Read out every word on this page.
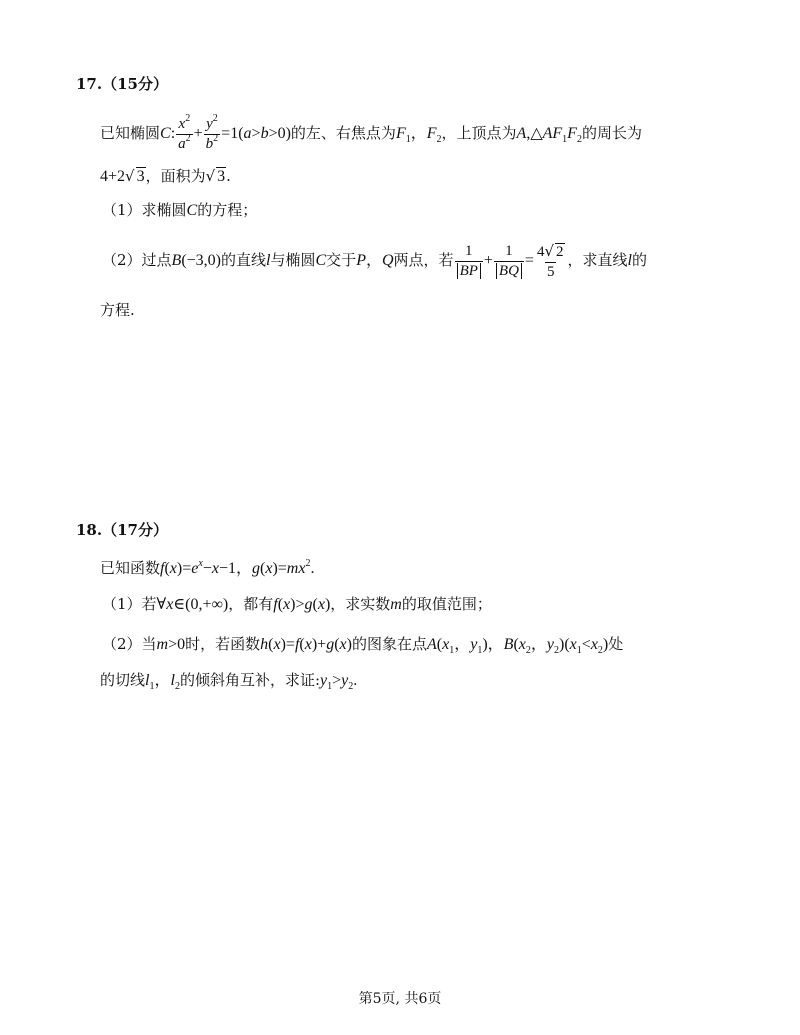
17.（15分）
已知椭圆C: $\frac{x^2}{a^2} + \frac{y^2}{b^2} =1(a>b>0)$的左、右焦点为$F_1$，$F_2$，上顶点为$A,\triangle AF_1F_2$的周长为
4+2√ 3，面积为√ 3.
（1）求椭圆C的方程；
（2）过点B(−3,0)的直线l与椭圆C交于P，Q两点，若 $\frac{1}{BP} + \frac{1}{BQ} = \frac{4√ 2}{5}$ ，求直线l的
方程.
18.（17分）
已知函数$f(x)=e^x-x-1$，$g(x)=mx^2$.
（1）若∀x∈(0,+∞)，都有f(x)>g(x)，求实数m的取值范围；
（2）当m>0时，若函数h(x)=f(x)+g(x)的图象在点$A(x_1$，$y_1$)，$B(x_2$，$y_2)(x_1<x_2)$处
的切线$l_1$，$l_2$的倾斜角互补，求证$:y_1>y_2$.
第5页, 共6页
